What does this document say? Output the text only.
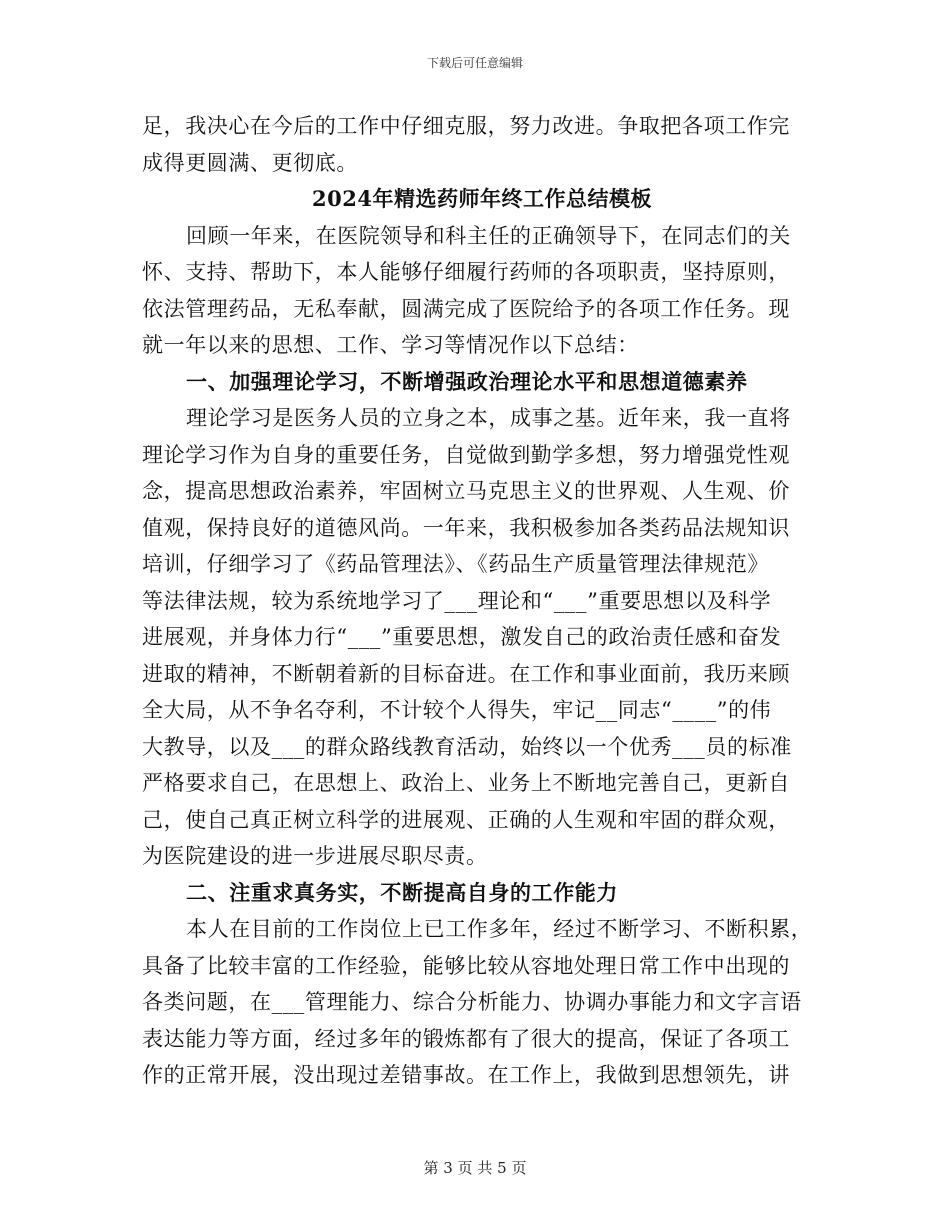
下载后可任意编辑
足，我决心在今后的工作中仔细克服，努力改进。争取把各项工作完
成得更圆满、更彻底。
2024年精选药师年终工作总结模板
回顾一年来，在医院领导和科主任的正确领导下，在同志们的关
怀、支持、帮助下，本人能够仔细履行药师的各项职责，坚持原则，
依法管理药品，无私奉献，圆满完成了医院给予的各项工作任务。现
就一年以来的思想、工作、学习等情况作以下总结：
一、加强理论学习，不断增强政治理论水平和思想道德素养
理论学习是医务人员的立身之本，成事之基。近年来，我一直将
理论学习作为自身的重要任务，自觉做到勤学多想，努力增强党性观
念，提高思想政治素养，牢固树立马克思主义的世界观、人生观、价
值观，保持良好的道德风尚。一年来，我积极参加各类药品法规知识
培训，仔细学习了《药品管理法》、《药品生产质量管理法律规范》
等法律法规，较为系统地学习了___理论和“___”重要思想以及科学
进展观，并身体力行“___”重要思想，激发自己的政治责任感和奋发
进取的精神，不断朝着新的目标奋进。在工作和事业面前，我历来顾
全大局，从不争名夺利，不计较个人得失，牢记__同志“____”的伟
大教导，以及___的群众路线教育活动，始终以一个优秀___员的标准
严格要求自己，在思想上、政治上、业务上不断地完善自己，更新自
己，使自己真正树立科学的进展观、正确的人生观和牢固的群众观，
为医院建设的进一步进展尽职尽责。
二、注重求真务实，不断提高自身的工作能力
本人在目前的工作岗位上已工作多年，经过不断学习、不断积累，
具备了比较丰富的工作经验，能够比较从容地处理日常工作中出现的
各类问题，在___管理能力、综合分析能力、协调办事能力和文字言语
表达能力等方面，经过多年的锻炼都有了很大的提高，保证了各项工
作的正常开展，没出现过差错事故。在工作上，我做到思想领先，讲
第 3 页 共 5 页
